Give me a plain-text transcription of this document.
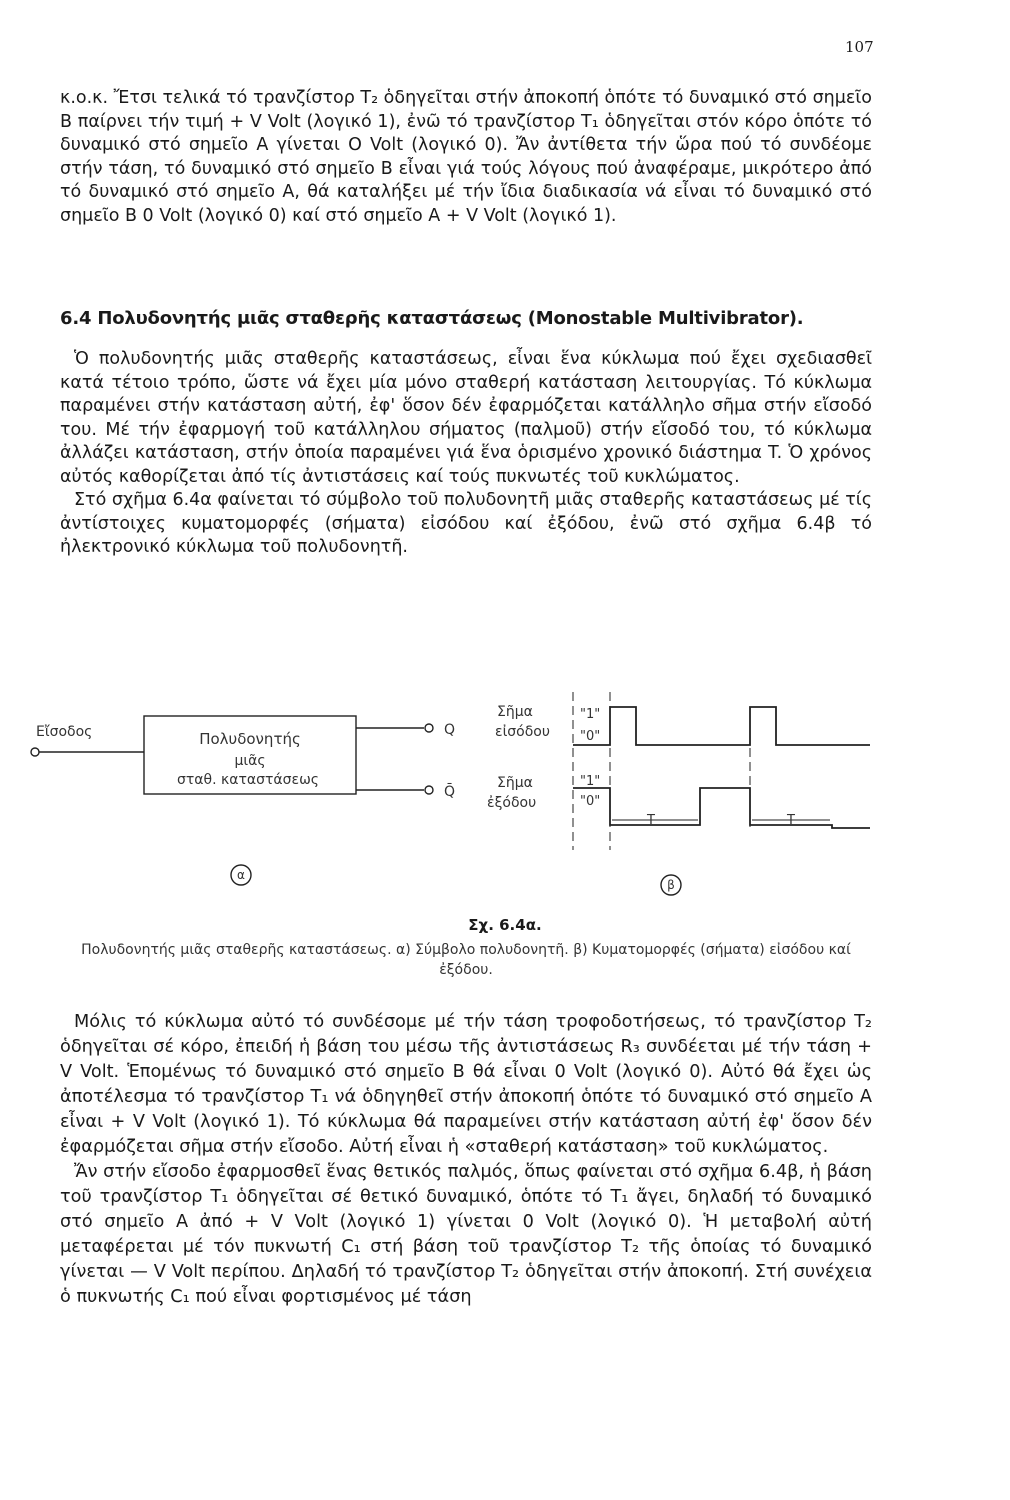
107

κ.ο.κ. Ἔτσι τελικά τό τρανζίστορ T₂ ὁδηγεῖται στήν ἀποκοπή ὁπότε τό δυναμικό στό σημεῖο B παίρνει τήν τιμή + V Volt (λογικό 1), ἐνῶ τό τρανζίστορ T₁ ὁδηγεῖται στόν κόρο ὁπότε τό δυναμικό στό σημεῖο A γίνεται O Volt (λογικό 0). Ἄν ἀντίθετα τήν ὥρα πού τό συνδέομε στήν τάση, τό δυναμικό στό σημεῖο B εἶναι γιά τούς λόγους πού ἀναφέραμε, μικρότερο ἀπό τό δυναμικό στό σημεῖο A, θά καταλήξει μέ τήν ἴδια διαδικασία νά εἶναι τό δυναμικό στό σημεῖο B 0 Volt (λογικό 0) καί στό σημεῖο A + V Volt (λογικό 1).

6.4 Πολυδονητής μιᾶς σταθερῆς καταστάσεως (Monostable Multivibrator).

Ὁ πολυδονητής μιᾶς σταθερῆς καταστάσεως, εἶναι ἕνα κύκλωμα πού ἔχει σχεδιασθεῖ κατά τέτοιο τρόπο, ὥστε νά ἔχει μία μόνο σταθερή κατάσταση λειτουργίας. Τό κύκλωμα παραμένει στήν κατάσταση αὐτή, ἐφ' ὅσον δέν ἐφαρμόζεται κατάλληλο σῆμα στήν εἴσοδό του. Μέ τήν ἐφαρμογή τοῦ κατάλληλου σήματος (παλμοῦ) στήν εἴσοδό του, τό κύκλωμα ἀλλάζει κατάσταση, στήν ὁποία παραμένει γιά ἕνα ὁρισμένο χρονικό διάστημα T. Ὁ χρόνος αὐτός καθορίζεται ἀπό τίς ἀντιστάσεις καί τούς πυκνωτές τοῦ κυκλώματος.

Στό σχῆμα 6.4α φαίνεται τό σύμβολο τοῦ πολυδονητῆ μιᾶς σταθερῆς καταστάσεως μέ τίς ἀντίστοιχες κυματομορφές (σήματα) εἰσόδου καί ἐξόδου, ἐνῶ στό σχῆμα 6.4β τό ἠλεκτρονικό κύκλωμα τοῦ πολυδονητῆ.

Εἴσοδος	Πολυδονητής
μιᾶς
σταθ. καταστάσεως
Q
Q̄
α
Σῆμα
εἰσόδου
Σῆμα
ἐξόδου
"1"
"0"
"1"
"0"
T	T
β
Σχ. 6.4α.
Πολυδονητής μιᾶς σταθερῆς καταστάσεως. α) Σύμβολο πολυδονητῆ. β) Κυματομορφές (σήματα) εἰσόδου καί ἐξόδου.

Μόλις τό κύκλωμα αὐτό τό συνδέσομε μέ τήν τάση τροφοδοτήσεως, τό τρανζίστορ T₂ ὁδηγεῖται σέ κόρο, ἐπειδή ἡ βάση του μέσω τῆς ἀντιστάσεως R₃ συνδέεται μέ τήν τάση + V Volt. Ἑπομένως τό δυναμικό στό σημεῖο B θά εἶναι 0 Volt (λογικό 0). Αὐτό θά ἔχει ὡς ἀποτέλεσμα τό τρανζίστορ T₁ νά ὁδηγηθεῖ στήν ἀποκοπή ὁπότε τό δυναμικό στό σημεῖο A εἶναι + V Volt (λογικό 1). Τό κύκλωμα θά παραμείνει στήν κατάσταση αὐτή ἐφ' ὅσον δέν ἐφαρμόζεται σῆμα στήν εἴσοδο. Αὐτή εἶναι ἡ «σταθερή κατάσταση» τοῦ κυκλώματος.

Ἄν στήν εἴσοδο ἐφαρμοσθεῖ ἕνας θετικός παλμός, ὅπως φαίνεται στό σχῆμα 6.4β, ἡ βάση τοῦ τρανζίστορ T₁ ὁδηγεῖται σέ θετικό δυναμικό, ὁπότε τό T₁ ἄγει, δηλαδή τό δυναμικό στό σημεῖο A ἀπό + V Volt (λογικό 1) γίνεται 0 Volt (λογικό 0). Ἡ μεταβολή αὐτή μεταφέρεται μέ τόν πυκνωτή C₁ στή βάση τοῦ τρανζίστορ T₂ τῆς ὁποίας τό δυναμικό γίνεται — V Volt περίπου. Δηλαδή τό τρανζίστορ T₂ ὁδηγεῖται στήν ἀποκοπή. Στή συνέχεια ὁ πυκνωτής C₁ πού εἶναι φορτισμένος μέ τάση
